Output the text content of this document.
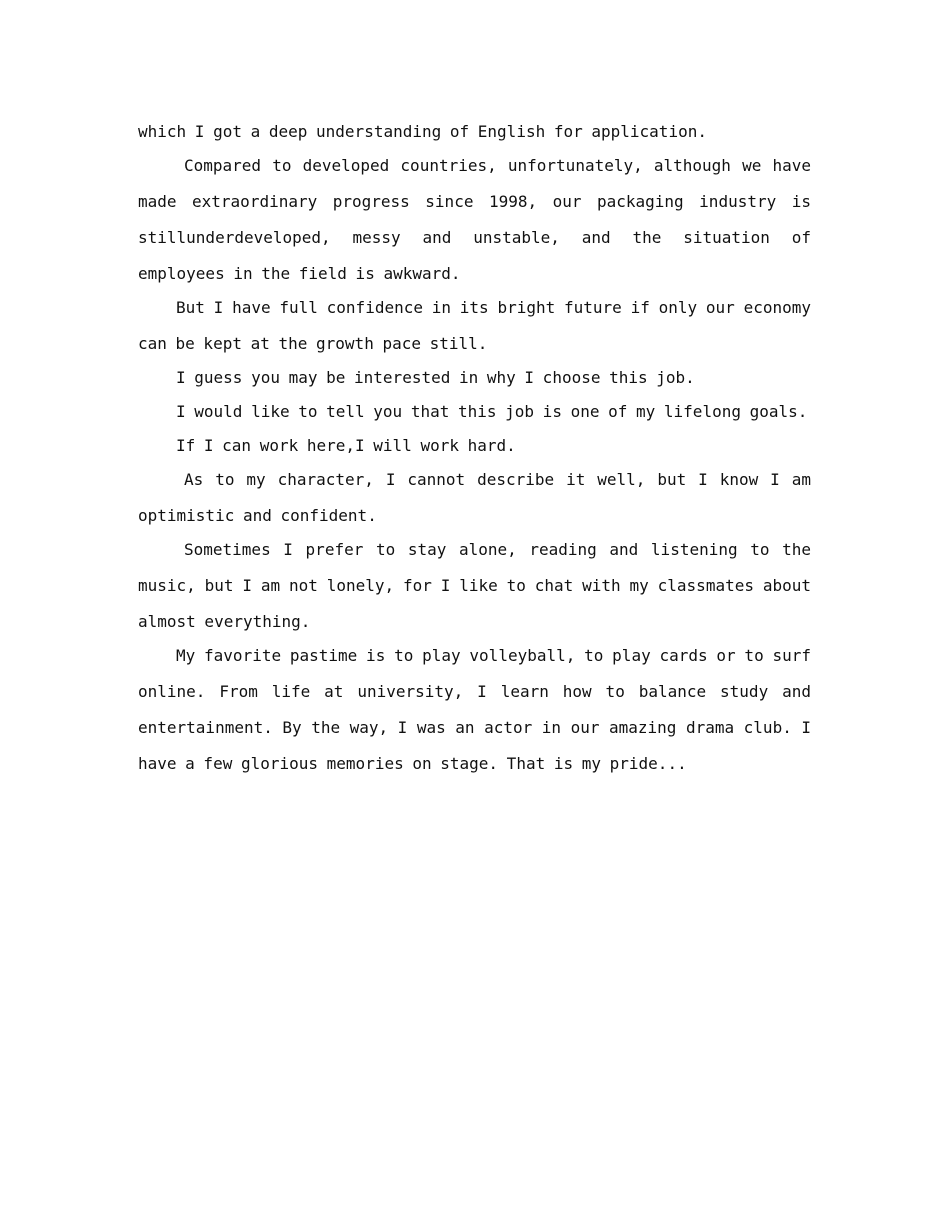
which I got a deep understanding of English for application.

Compared to developed countries, unfortunately, although we have made extraordinary progress since 1998, our packaging industry is stillunderdeveloped, messy and unstable, and the situation of employees in the field is awkward.

But I have full confidence in its bright future if only our economy can be kept at the growth pace still.

I guess you may be interested in why I choose this job.

I would like to tell you that this job is one of my lifelong goals.

If I can work here,I will work hard.

As to my character, I cannot describe it well, but I know I am optimistic and confident.

Sometimes I prefer to stay alone, reading and listening to the music, but I am not lonely, for I like to chat with my classmates about almost everything.

My favorite pastime is to play volleyball, to play cards or to surf online. From life at university, I learn how to balance study and entertainment. By the way, I was an actor in our amazing drama club. I have a few glorious memories on stage. That is my pride...
